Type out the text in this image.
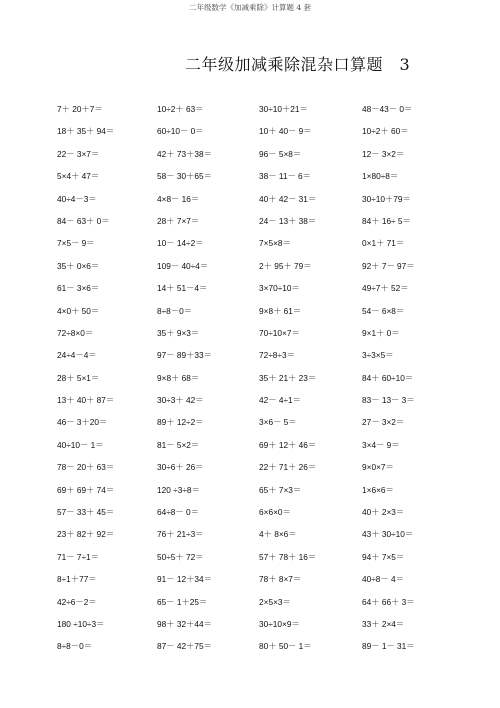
二年级数学《加减乘除》计算题 4 套
二年级加减乘除混杂口算题　3
7＋ 20＋7＝	10÷2＋ 63＝	30÷10＋21＝	48－43－ 0＝
18＋ 35＋ 94＝	60÷10－ 0＝	10＋ 40－ 9＝	10÷2＋ 60＝
22－ 3×7＝	42＋ 73＋38＝	96－ 5×8＝	12－ 3×2＝
5×4＋ 47＝	58－ 30＋65＝	38－ 11－ 6＝	1×80÷8＝
40÷4－3＝	4×8－ 16＝	40＋ 42－ 31＝	30÷10＋79＝
84－ 63＋ 0＝	28＋ 7×7＝	24－ 13＋ 38＝	84＋ 16÷ 5＝
7×5－ 9＝	10－ 14÷2＝	7×5×8＝	0×1＋ 71＝
35＋ 0×6＝	109－ 40÷4＝	2＋ 95＋ 79＝	92＋ 7－ 97＝
61－ 3×6＝	14＋ 51－4＝	3×70÷10＝	49÷7＋ 52＝
4×0＋ 50＝	8÷8－0＝	9×8＋ 61＝	54－ 6×8＝
72÷8×0＝	35＋ 9×3＝	70÷10×7＝	9×1＋ 0＝
24÷4－4＝	97－ 89＋33＝	72÷8÷3＝	3÷3×5＝
28＋ 5×1＝	9×8＋ 68＝	35＋ 21＋ 23＝	84＋ 60÷10＝
13＋ 40＋ 87＝	30÷3＋ 42＝	42－ 4÷1＝	83－ 13－ 3＝
46－ 3＋20＝	89＋ 12÷2＝	3×6－ 5＝	27－ 3×2＝
40÷10－ 1＝	81－ 5×2＝	69＋ 12＋ 46＝	3×4－ 9＝
78－ 20＋ 63＝	30÷6＋ 26＝	22＋ 71＋ 26＝	9×0×7＝
69＋ 69＋ 74＝	120 ÷3÷8＝	65＋ 7×3＝	1×6×6＝
57－ 33＋ 45＝	64÷8－ 0＝	6×6×0＝	40＋ 2×3＝
23＋ 82＋ 92＝	76＋ 21÷3＝	4＋ 8×6＝	43＋ 30÷10＝
71－ 7÷1＝	50÷5＋ 72＝	57＋ 78＋ 16＝	94＋ 7×5＝
8÷1＋77＝	91－ 12＋34＝	78＋ 8×7＝	40÷8－ 4＝
42÷6－2＝	65－ 1＋25＝	2×5×3＝	64＋ 66＋ 3＝
180 ÷10÷3＝	98＋ 32＋44＝	30÷10×9＝	33＋ 2×4＝
8÷8－0＝	87－ 42＋75＝	80＋ 50－ 1＝	89－ 1－ 31＝
